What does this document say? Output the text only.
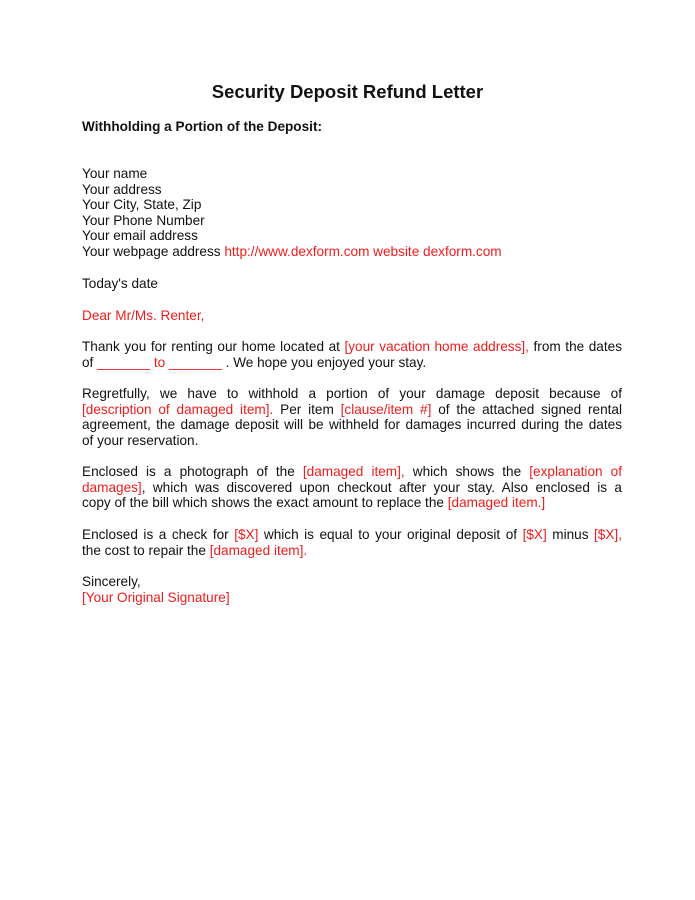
Security Deposit Refund Letter

Withholding a Portion of the Deposit:

Your name
Your address
Your City, State, Zip
Your Phone Number
Your email address
Your webpage address http://www.dexform.com website dexform.com
Today's date
Dear Mr/Ms. Renter,
Thank you for renting our home located at [your vacation home address], from the dates
of _______ to _______ . We hope you enjoyed your stay.
Regretfully, we have to withhold a portion of your damage deposit because of
[description of damaged item]. Per item [clause/item #] of the attached signed rental
agreement, the damage deposit will be withheld for damages incurred during the dates
of your reservation.
Enclosed is a photograph of the [damaged item], which shows the [explanation of
damages], which was discovered upon checkout after your stay. Also enclosed is a
copy of the bill which shows the exact amount to replace the [damaged item.]
Enclosed is a check for [$X] which is equal to your original deposit of [$X] minus [$X],
the cost to repair the [damaged item].
Sincerely,
[Your Original Signature]
